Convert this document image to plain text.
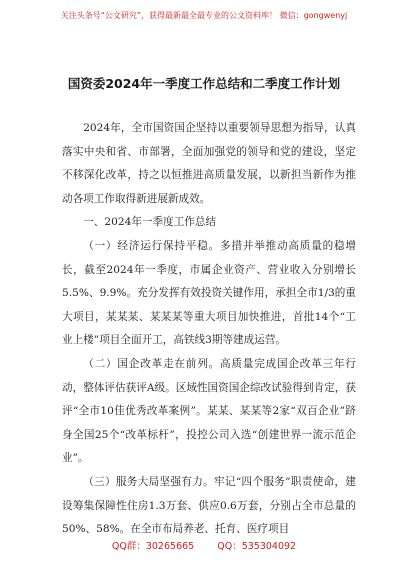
关注头条号“公文研究”，获得最新最全最专业的公文资料库！ 微信：gongwenyj
国资委2024年一季度工作总结和二季度工作计划

2024年，全市国资国企坚持以重要领导思想为指导，认真落实中央和省、市部署，全面加强党的领导和党的建设，坚定不移深化改革，持之以恒推进高质量发展，以新担当新作为推动各项工作取得新进展新成效。

一、2024年一季度工作总结

（一）经济运行保持平稳。多措并举推动高质量的稳增长，截至2024年一季度，市属企业资产、营业收入分别增长5.5%、9.9%。充分发挥有效投资关键作用，承担全市1/3的重大项目，某某某、某某某等重大项目加快推进，首批14个“工业上楼”项目全面开工，高铁线3期等建成运营。

（二）国企改革走在前列。高质量完成国企改革三年行动，整体评估获评A级。区域性国资国企综改试验得到肯定，获评“全市10佳优秀改革案例”。某某、某某等2家“双百企业”跻身全国25个“改革标杆”，投控公司入选“创建世界一流示范企业”。

（三）服务大局坚强有力。牢记“四个服务”职责使命，建设筹集保障性住房1.3万套、供应0.6万套，分别占全市总量的50%、58%。在全市布局养老、托育、医疗项目

QQ群：30265665 QQ：535304092
